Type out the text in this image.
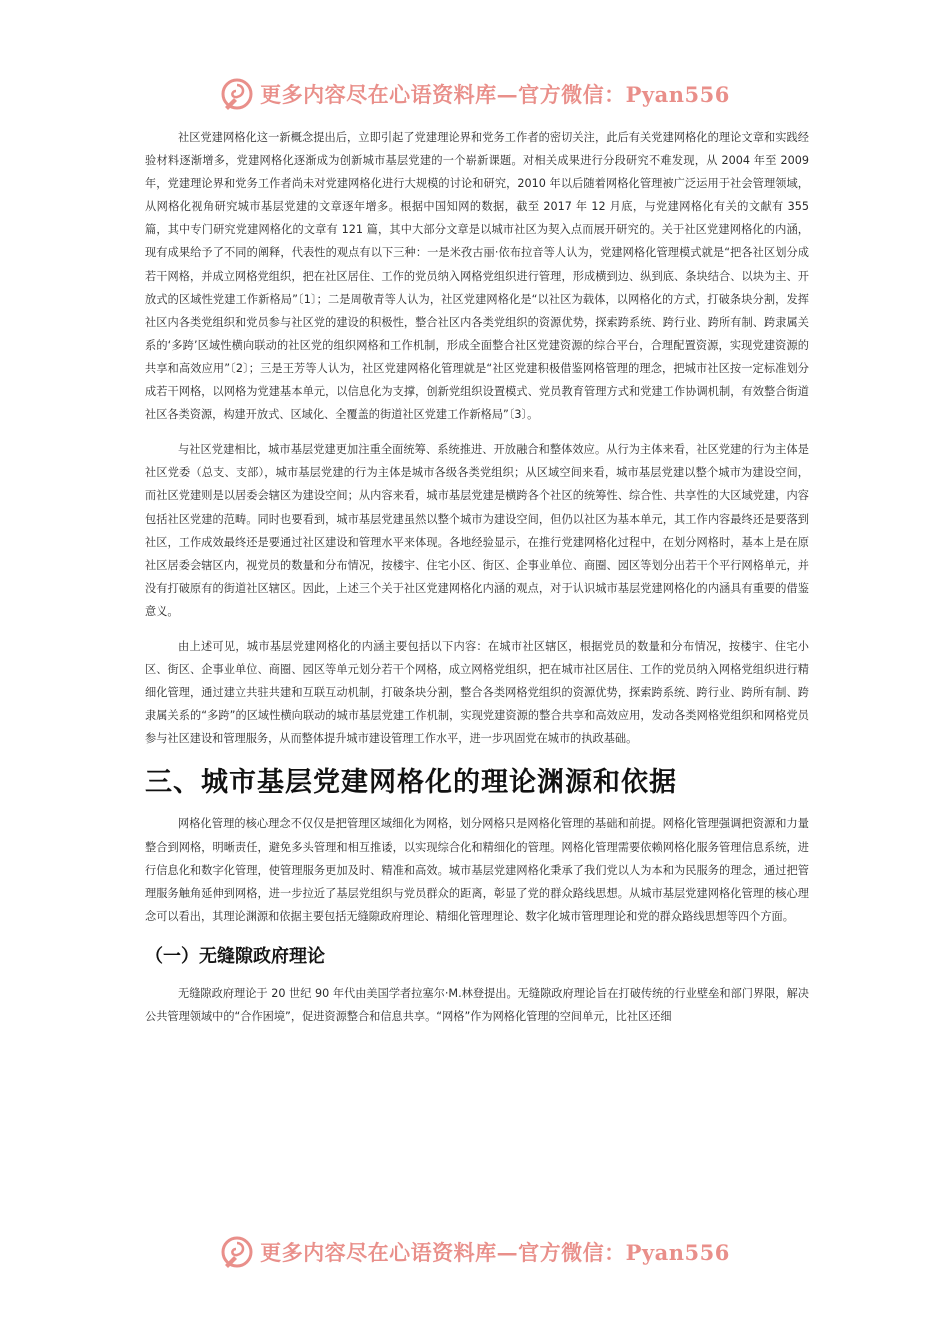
更多内容尽在心语资料库—官方微信：Pyan556

社区党建网格化这一新概念提出后，立即引起了党建理论界和党务工作者的密切关注，此后有关党建网格化的理论文章和实践经验材料逐渐增多，党建网格化逐渐成为创新城市基层党建的一个崭新课题。对相关成果进行分段研究不难发现，从 2004 年至 2009 年，党建理论界和党务工作者尚未对党建网格化进行大规模的讨论和研究，2010 年以后随着网格化管理被广泛运用于社会管理领域，从网格化视角研究城市基层党建的文章逐年增多。根据中国知网的数据，截至 2017 年 12 月底，与党建网格化有关的文献有 355 篇，其中专门研究党建网格化的文章有 121 篇，其中大部分文章是以城市社区为契入点而展开研究的。关于社区党建网格化的内涵，现有成果给予了不同的阐释，代表性的观点有以下三种：一是米孜古丽·依布拉音等人认为，党建网格化管理模式就是“把各社区划分成若干网格，并成立网格党组织，把在社区居住、工作的党员纳入网格党组织进行管理，形成横到边、纵到底、条块结合、以块为主、开放式的区域性党建工作新格局”〔1〕；二是周敬青等人认为，社区党建网格化是“以社区为载体，以网格化的方式，打破条块分割，发挥社区内各类党组织和党员参与社区党的建设的积极性，整合社区内各类党组织的资源优势，探索跨系统、跨行业、跨所有制、跨隶属关系的‘多跨’区域性横向联动的社区党的组织网格和工作机制，形成全面整合社区党建资源的综合平台，合理配置资源，实现党建资源的共享和高效应用”〔2〕；三是王芳等人认为，社区党建网格化管理就是“社区党建积极借鉴网格管理的理念，把城市社区按一定标准划分成若干网格，以网格为党建基本单元，以信息化为支撑，创新党组织设置模式、党员教育管理方式和党建工作协调机制，有效整合街道社区各类资源，构建开放式、区域化、全覆盖的街道社区党建工作新格局”〔3〕。

与社区党建相比，城市基层党建更加注重全面统筹、系统推进、开放融合和整体效应。从行为主体来看，社区党建的行为主体是社区党委（总支、支部），城市基层党建的行为主体是城市各级各类党组织；从区域空间来看，城市基层党建以整个城市为建设空间，而社区党建则是以居委会辖区为建设空间；从内容来看，城市基层党建是横跨各个社区的统筹性、综合性、共享性的大区域党建，内容包括社区党建的范畴。同时也要看到，城市基层党建虽然以整个城市为建设空间，但仍以社区为基本单元，其工作内容最终还是要落到社区，工作成效最终还是要通过社区建设和管理水平来体现。各地经验显示，在推行党建网格化过程中，在划分网格时，基本上是在原社区居委会辖区内，视党员的数量和分布情况，按楼宇、住宅小区、街区、企事业单位、商圈、园区等划分出若干个平行网格单元，并没有打破原有的街道社区辖区。因此，上述三个关于社区党建网格化内涵的观点，对于认识城市基层党建网格化的内涵具有重要的借鉴意义。

由上述可见，城市基层党建网格化的内涵主要包括以下内容：在城市社区辖区，根据党员的数量和分布情况，按楼宇、住宅小区、街区、企事业单位、商圈、园区等单元划分若干个网格，成立网格党组织，把在城市社区居住、工作的党员纳入网格党组织进行精细化管理，通过建立共驻共建和互联互动机制，打破条块分割，整合各类网格党组织的资源优势，探索跨系统、跨行业、跨所有制、跨隶属关系的“多跨”的区域性横向联动的城市基层党建工作机制，实现党建资源的整合共享和高效应用，发动各类网格党组织和网格党员参与社区建设和管理服务，从而整体提升城市建设管理工作水平，进一步巩固党在城市的执政基础。

三、城市基层党建网格化的理论渊源和依据

网格化管理的核心理念不仅仅是把管理区域细化为网格，划分网格只是网格化管理的基础和前提。网格化管理强调把资源和力量整合到网格，明晰责任，避免多头管理和相互推诿，以实现综合化和精细化的管理。网格化管理需要依赖网格化服务管理信息系统，进行信息化和数字化管理，使管理服务更加及时、精准和高效。城市基层党建网格化秉承了我们党以人为本和为民服务的理念，通过把管理服务触角延伸到网格，进一步拉近了基层党组织与党员群众的距离，彰显了党的群众路线思想。从城市基层党建网格化管理的核心理念可以看出，其理论渊源和依据主要包括无缝隙政府理论、精细化管理理论、数字化城市管理理论和党的群众路线思想等四个方面。

（一）无缝隙政府理论

无缝隙政府理论于 20 世纪 90 年代由美国学者拉塞尔·M.林登提出。无缝隙政府理论旨在打破传统的行业壁垒和部门界限，解决公共管理领域中的“合作困境”，促进资源整合和信息共享。“网格”作为网格化管理的空间单元，比社区还细

更多内容尽在心语资料库—官方微信：Pyan556
